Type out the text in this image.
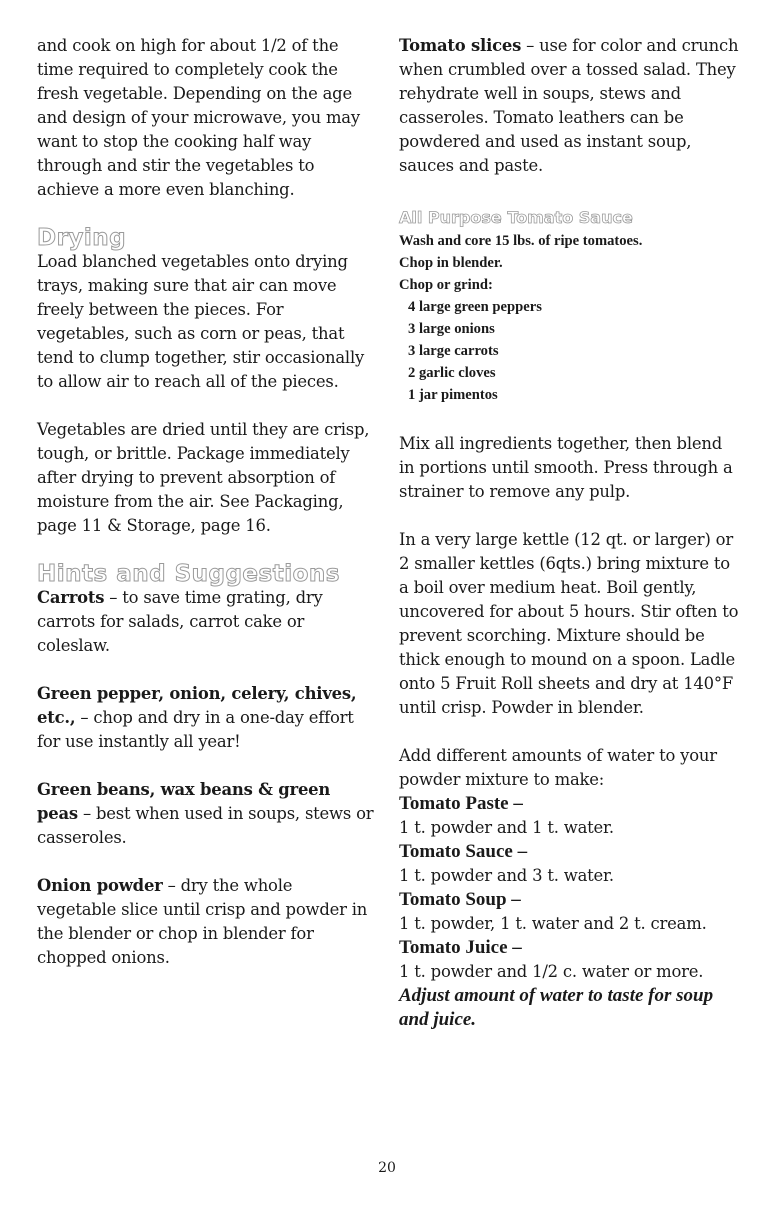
and cook on high for about 1/2 of the time required to completely cook the fresh vegetable. Depending on the age and design of your microwave, you may want to stop the cooking half way through and stir the vegetables to achieve a more even blanching.

Drying

Load blanched vegetables onto drying trays, making sure that air can move freely between the pieces. For vegetables, such as corn or peas, that tend to clump together, stir occasionally to allow air to reach all of the pieces.

Vegetables are dried until they are crisp, tough, or brittle. Package immediately after drying to prevent absorption of moisture from the air. See Packaging, page 11 & Storage, page 16.

Hints and Suggestions

Carrots – to save time grating, dry carrots for salads, carrot cake or coleslaw.

Green pepper, onion, celery, chives, etc., – chop and dry in a one-day effort for use instantly all year!

Green beans, wax beans & green peas – best when used in soups, stews or casseroles.

Onion powder – dry the whole vegetable slice until crisp and powder in the blender or chop in blender for chopped onions.

Tomato slices – use for color and crunch when crumbled over a tossed salad. They rehydrate well in soups, stews and casseroles. Tomato leathers can be powdered and used as instant soup, sauces and paste.

All Purpose Tomato Sauce

Wash and core 15 lbs. of ripe tomatoes.

Chop in blender.

Chop or grind:

4 large green peppers

3 large onions

3 large carrots

2 garlic cloves

1 jar pimentos

Mix all ingredients together, then blend in portions until smooth. Press through a strainer to remove any pulp.

In a very large kettle (12 qt. or larger) or 2 smaller kettles (6qts.) bring mixture to a boil over medium heat. Boil gently, uncovered for about 5 hours. Stir often to prevent scorching. Mixture should be thick enough to mound on a spoon. Ladle onto 5 Fruit Roll sheets and dry at 140°F until crisp. Powder in blender.

Add different amounts of water to your powder mixture to make:

Tomato Paste –

1 t. powder and 1 t. water.

Tomato Sauce –

1 t. powder and 3 t. water.

Tomato Soup –

1 t. powder, 1 t. water and 2 t. cream.

Tomato Juice –

1 t. powder and 1/2 c. water or more.

Adjust amount of water to taste for soup and juice.

20
